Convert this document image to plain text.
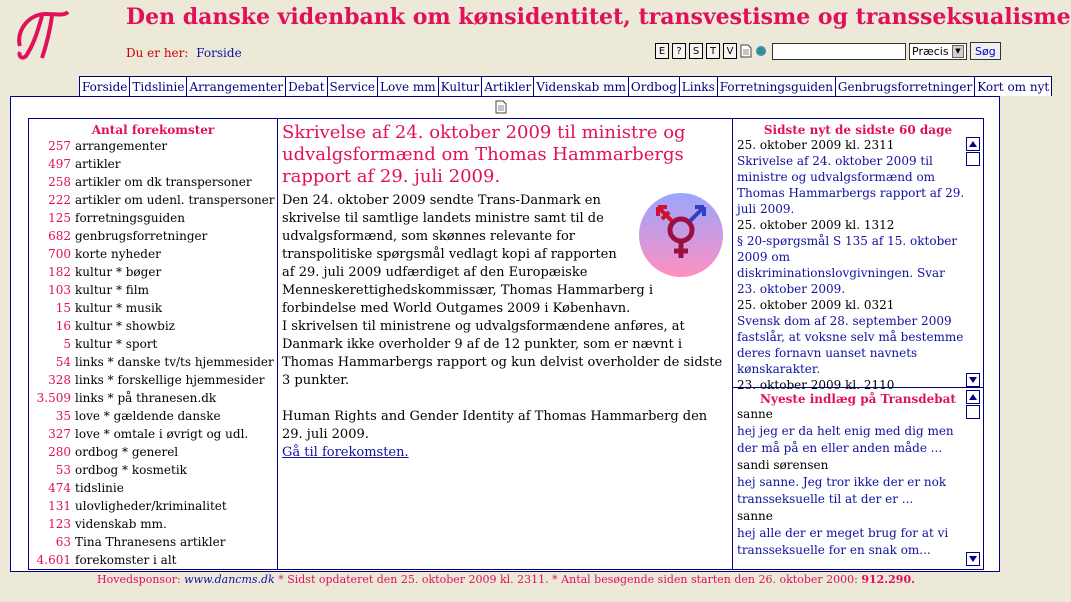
Den danske videnbank om kønsidentitet, transvestisme og transseksualisme
Du er her: Forside	E	?	S	T	V	Præcis ▼	Søg
Forside Tidslinie Arrangementer Debat Service Love mm Kultur Artikler Videnskab mm Ordbog Links Forretningsguiden Genbrugsforretninger Kort om nyt
Antal forekomster
257 arrangementer
497 artikler
258 artikler om dk transpersoner
222 artikler om udenl. transpersoner
125 forretningsguiden
682 genbrugsforretninger
700 korte nyheder
182 kultur * bøger
103 kultur * film
15 kultur * musik
16 kultur * showbiz
5 kultur * sport
54 links * danske tv/ts hjemmesider
328 links * forskellige hjemmesider
3.509 links * på thranesen.dk
35 love * gældende danske
327 love * omtale i øvrigt og udl.
280 ordbog * generel
53 ordbog * kosmetik
474 tidslinie
131 ulovligheder/kriminalitet
123 videnskab mm.
63 Tina Thranesens artikler
4.601 forekomster i alt
Skrivelse af 24. oktober 2009 til ministre og udvalgsformænd om Thomas Hammarbergs rapport af 29. juli 2009.
Den 24. oktober 2009 sendte Trans-Danmark en skrivelse til samtlige landets ministre samt til de udvalgsformænd, som skønnes relevante for transpolitiske spørgsmål vedlagt kopi af rapporten af 29. juli 2009 udfærdiget af den Europæiske Menneskerettighedskommissær, Thomas Hammarberg i forbindelse med World Outgames 2009 i København.
I skrivelsen til ministrene og udvalgsformændene anføres, at Danmark ikke overholder 9 af de 12 punkter, som er nævnt i Thomas Hammarbergs rapport og kun delvist overholder de sidste 3 punkter.

Human Rights and Gender Identity af Thomas Hammarberg den 29. juli 2009.
Gå til forekomsten.
Sidste nyt de sidste 60 dage
25. oktober 2009 kl. 2311
Skrivelse af 24. oktober 2009 til ministre og udvalgsformænd om Thomas Hammarbergs rapport af 29. juli 2009.
25. oktober 2009 kl. 1312
§ 20-spørgsmål S 135 af 15. oktober 2009 om diskriminationslovgivningen. Svar 23. oktober 2009.
25. oktober 2009 kl. 0321
Svensk dom af 28. september 2009 fastslår, at voksne selv må bestemme deres fornavn uanset navnets kønskarakter.
23. oktober 2009 kl. 2110
Nyeste indlæg på Transdebat
sanne
hej jeg er da helt enig med dig men der må på en eller anden måde ...
sandi sørensen
hej sanne. Jeg tror ikke der er nok transseksuelle til at der er ...
sanne
hej alle der er meget brug for at vi transseksuelle for en snak om...
Hovedsponsor: www.dancms.dk * Sidst opdateret den 25. oktober 2009 kl. 2311. * Antal besøgende siden starten den 26. oktober 2000: 912.290.
